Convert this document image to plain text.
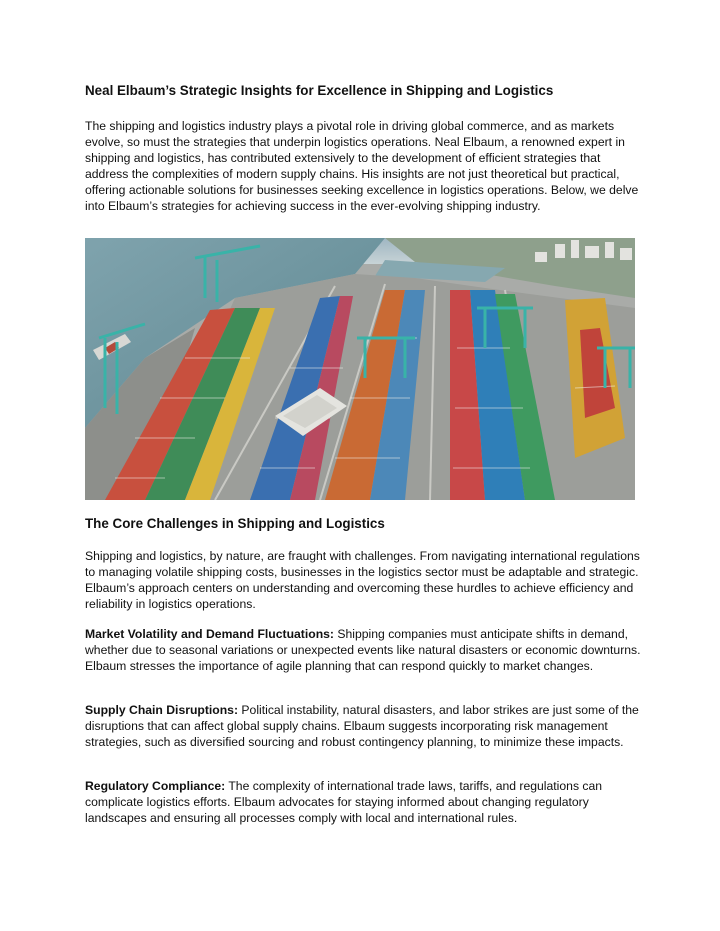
Neal Elbaum’s Strategic Insights for Excellence in Shipping and Logistics

The shipping and logistics industry plays a pivotal role in driving global commerce, and as markets evolve, so must the strategies that underpin logistics operations. Neal Elbaum, a renowned expert in shipping and logistics, has contributed extensively to the development of efficient strategies that address the complexities of modern supply chains. His insights are not just theoretical but practical, offering actionable solutions for businesses seeking excellence in logistics operations. Below, we delve into Elbaum’s strategies for achieving success in the ever-evolving shipping industry.

The Core Challenges in Shipping and Logistics

Shipping and logistics, by nature, are fraught with challenges. From navigating international regulations to managing volatile shipping costs, businesses in the logistics sector must be adaptable and strategic. Elbaum’s approach centers on understanding and overcoming these hurdles to achieve efficiency and reliability in logistics operations.

Market Volatility and Demand Fluctuations: Shipping companies must anticipate shifts in demand, whether due to seasonal variations or unexpected events like natural disasters or economic downturns. Elbaum stresses the importance of agile planning that can respond quickly to market changes.

Supply Chain Disruptions: Political instability, natural disasters, and labor strikes are just some of the disruptions that can affect global supply chains. Elbaum suggests incorporating risk management strategies, such as diversified sourcing and robust contingency planning, to minimize these impacts.

Regulatory Compliance: The complexity of international trade laws, tariffs, and regulations can complicate logistics efforts. Elbaum advocates for staying informed about changing regulatory landscapes and ensuring all processes comply with local and international rules.
